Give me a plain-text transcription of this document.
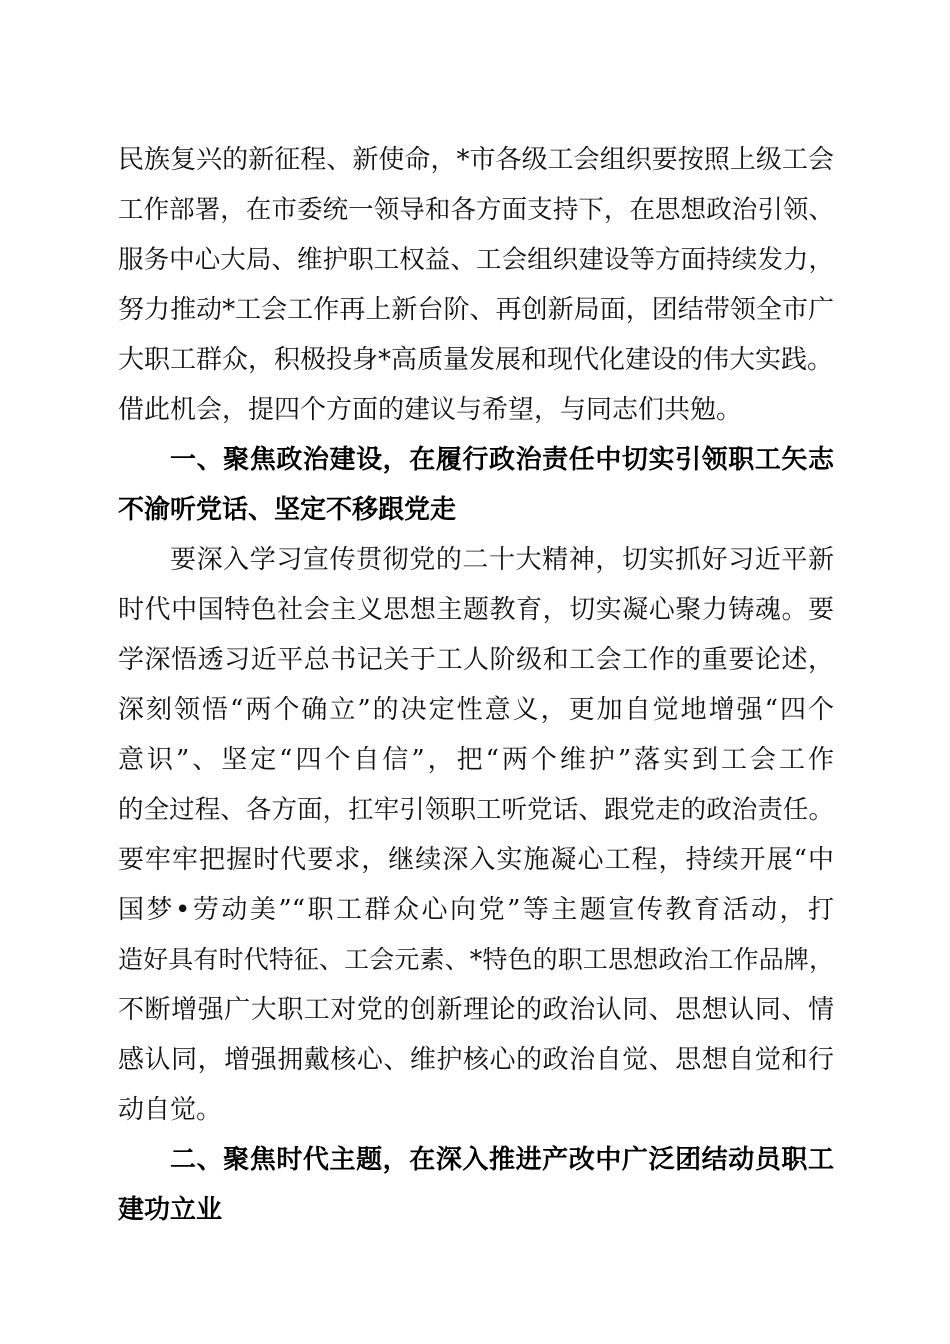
民族复兴的新征程、新使命，*市各级工会组织要按照上级工会
工作部署，在市委统一领导和各方面支持下，在思想政治引领、
服务中心大局、维护职工权益、工会组织建设等方面持续发力，
努力推动*工会工作再上新台阶、再创新局面，团结带领全市广
大职工群众，积极投身*高质量发展和现代化建设的伟大实践。
借此机会，提四个方面的建议与希望，与同志们共勉。
一、聚焦政治建设，在履行政治责任中切实引领职工矢志
不渝听党话、坚定不移跟党走
要深入学习宣传贯彻党的二十大精神，切实抓好习近平新
时代中国特色社会主义思想主题教育，切实凝心聚力铸魂。要
学深悟透习近平总书记关于工人阶级和工会工作的重要论述，
深刻领悟“两个确立”的决定性意义，更加自觉地增强“四个
意识”、坚定“四个自信”，把“两个维护”落实到工会工作
的全过程、各方面，扛牢引领职工听党话、跟党走的政治责任。
要牢牢把握时代要求，继续深入实施凝心工程，持续开展“中
国梦•劳动美”“职工群众心向党”等主题宣传教育活动，打
造好具有时代特征、工会元素、*特色的职工思想政治工作品牌，
不断增强广大职工对党的创新理论的政治认同、思想认同、情
感认同，增强拥戴核心、维护核心的政治自觉、思想自觉和行
动自觉。
二、聚焦时代主题，在深入推进产改中广泛团结动员职工
建功立业
